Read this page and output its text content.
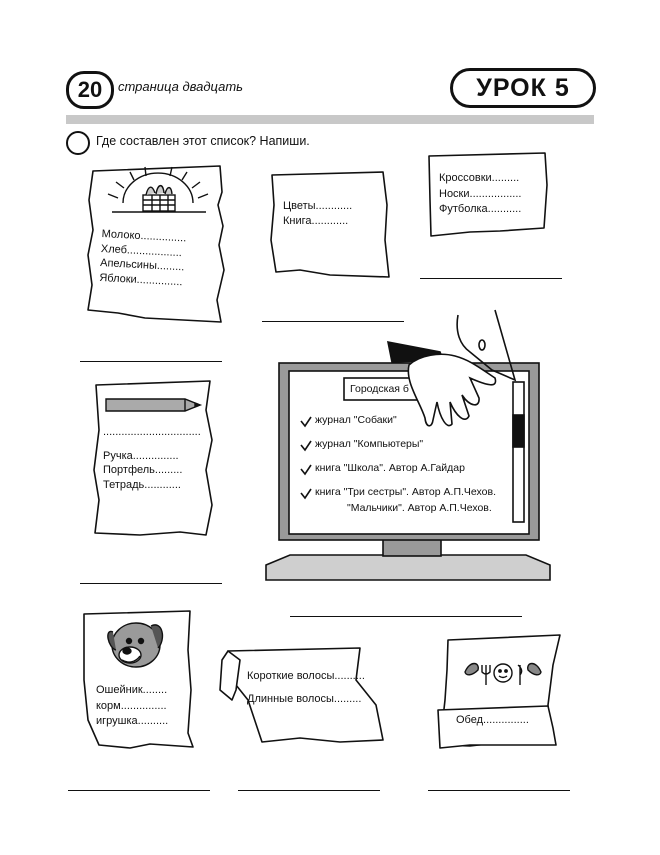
20	страница двадцать	УРОК 5
Где составлен этот список? Напиши.
Молоко...............
Хлеб..................
Апельсины.........
Яблоки...............
Цветы............
Книга............
Кроссовки.........
Носки.................
Футболка...........
................................
Ручка...............
Портфель.........
Тетрадь............
Ошейник........
корм...............
игрушка..........
Короткие волосы..........
Длинные волосы.........
Обед...............
Городская б
журнал "Собаки"
журнал "Компьютеры"
книга "Школа". Автор А.Гайдар
книга "Три сестры". Автор А.П.Чехов.
"Мальчики". Автор А.П.Чехов.
